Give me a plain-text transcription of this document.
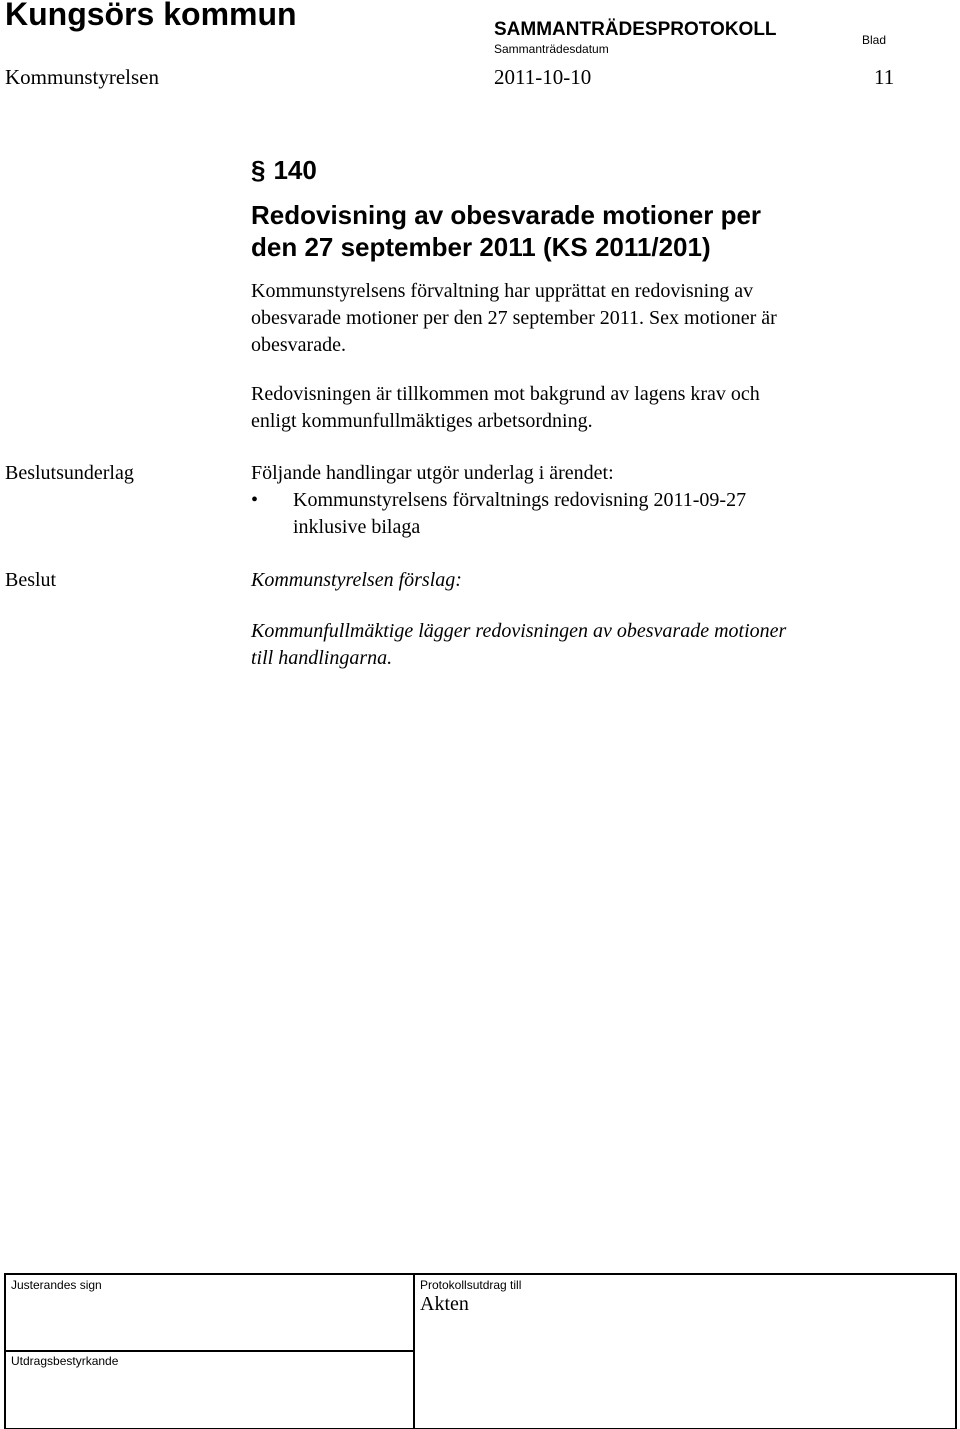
Kungsörs kommun	SAMMANTRÄDESPROTOKOLL
Sammanträdesdatum
Blad
Kommunstyrelsen	2011-10-10	11
§ 140
Redovisning av obesvarade motioner per
den 27 september 2011 (KS 2011/201)
Kommunstyrelsens förvaltning har upprättat en redovisning av
obesvarade motioner per den 27 september 2011. Sex motioner är
obesvarade.
Redovisningen är tillkommen mot bakgrund av lagens krav och
enligt kommunfullmäktiges arbetsordning.
Beslutsunderlag	Följande handlingar utgör underlag i ärendet:
• Kommunstyrelsens förvaltnings redovisning 2011-09-27
inklusive bilaga
Beslut	Kommunstyrelsen förslag:
Kommunfullmäktige lägger redovisningen av obesvarade motioner
till handlingarna.
Justerandes sign	Protokollsutdrag till
Akten
Utdragsbestyrkande
